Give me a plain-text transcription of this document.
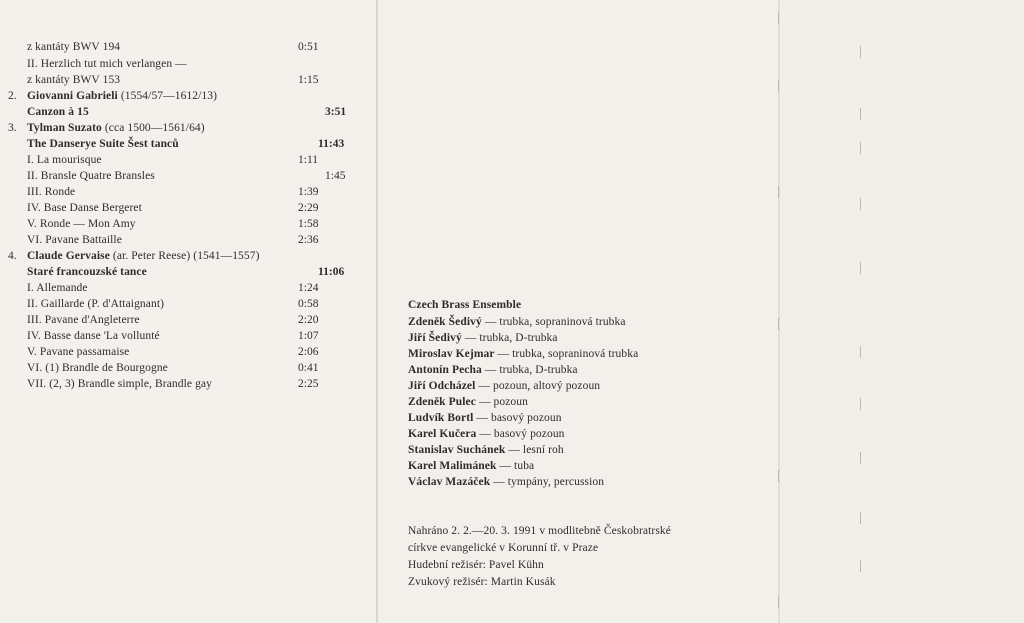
z kantáty BWV 194	0:51
II. Herzlich tut mich verlangen —
z kantáty BWV 153	1:15
2. Giovanni Gabrieli (1554/57—1612/13)
Canzon à 15	3:51
3. Tylman Suzato (cca 1500—1561/64)
The Danserye Suite Šest tanců	11:43
I. La mourisque	1:11
II. Bransle Quatre Bransles	1:45
III. Ronde	1:39
IV. Base Danse Bergeret	2:29
V. Ronde — Mon Amy	1:58
VI. Pavane Battaille	2:36
4. Claude Gervaise (ar. Peter Reese) (1541—1557)
Staré francouzské tance	11:06
I. Allemande	1:24
II. Gaillarde (P. d'Attaignant)	0:58
III. Pavane d'Angleterre	2:20
IV. Basse danse 'La vollunté	1:07
V. Pavane passamaise	2:06
VI. (1) Brandle de Bourgogne	0:41
VII. (2, 3) Brandle simple, Brandle gay	2:25
Czech Brass Ensemble
Zdeněk Šedivý — trubka, sopraninová trubka
Jiří Šedivý — trubka, D-trubka
Miroslav Kejmar — trubka, sopraninová trubka
Antonín Pecha — trubka, D-trubka
Jiří Odcházel — pozoun, altový pozoun
Zdeněk Pulec — pozoun
Ludvík Bortl — basový pozoun
Karel Kučera — basový pozoun
Stanislav Suchánek — lesní roh
Karel Malimánek — tuba
Václav Mazáček — tympány, percussion
Nahráno 2. 2.—20. 3. 1991 v modlitebně Českobratrské
církve evangelické v Korunní tř. v Praze
Hudební režisér: Pavel Kühn
Zvukový režisér: Martin Kusák
